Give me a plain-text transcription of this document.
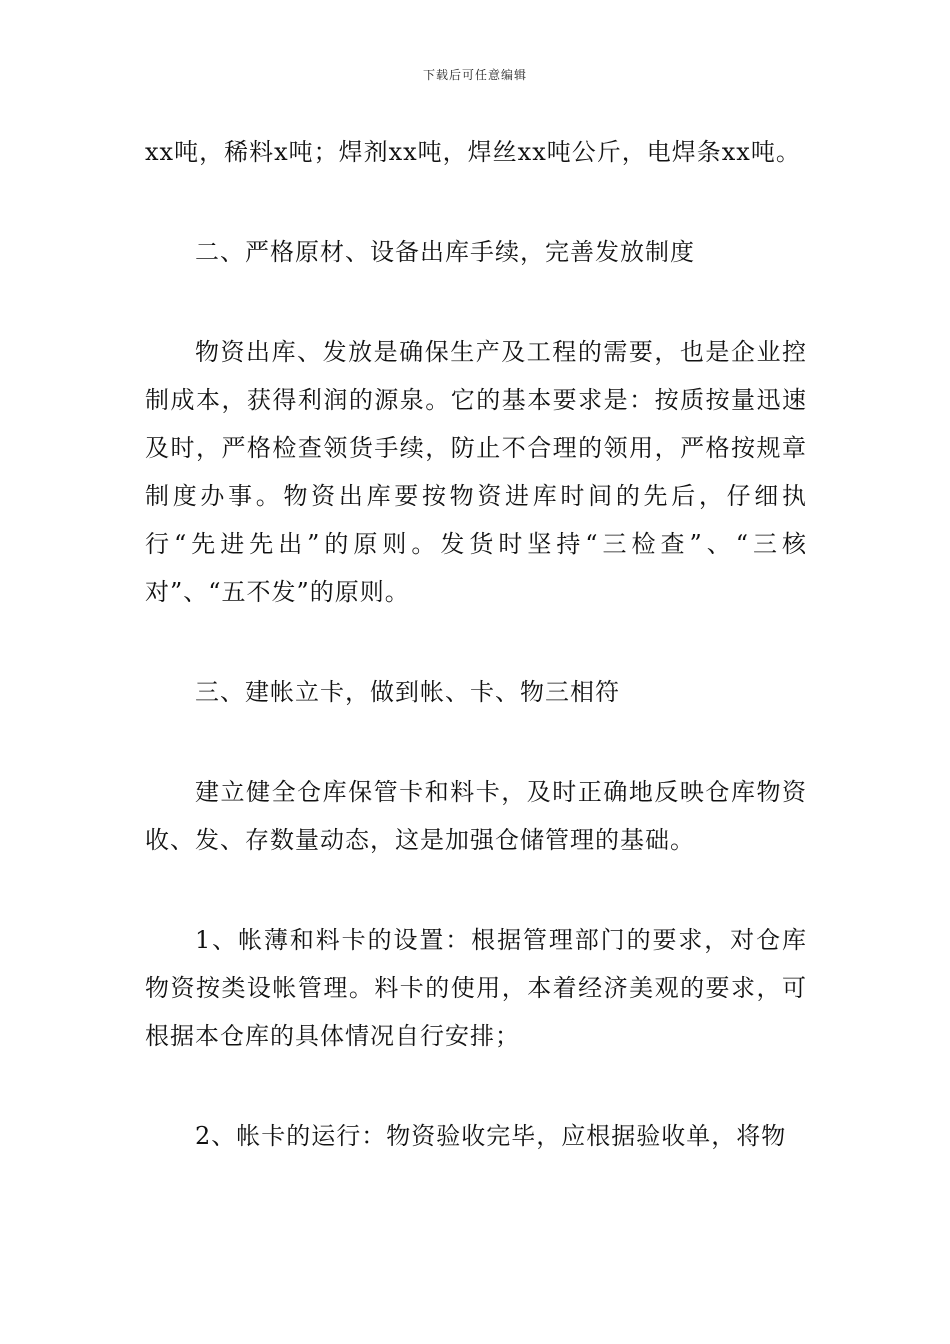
下载后可任意编辑

xx吨，稀料x吨；焊剂xx吨，焊丝xx吨公斤，电焊条xx吨。

二、严格原材、设备出库手续，完善发放制度

物资出库、发放是确保生产及工程的需要，也是企业控制成本，获得利润的源泉。它的基本要求是：按质按量迅速及时，严格检查领货手续，防止不合理的领用，严格按规章制度办事。物资出库要按物资进库时间的先后，仔细执行“先进先出”的原则。发货时坚持“三检查”、“三核对”、“五不发”的原则。

三、建帐立卡，做到帐、卡、物三相符

建立健全仓库保管卡和料卡，及时正确地反映仓库物资收、发、存数量动态，这是加强仓储管理的基础。

1、帐薄和料卡的设置：根据管理部门的要求，对仓库物资按类设帐管理。料卡的使用，本着经济美观的要求，可根据本仓库的具体情况自行安排；

2、帐卡的运行：物资验收完毕，应根据验收单，将物
